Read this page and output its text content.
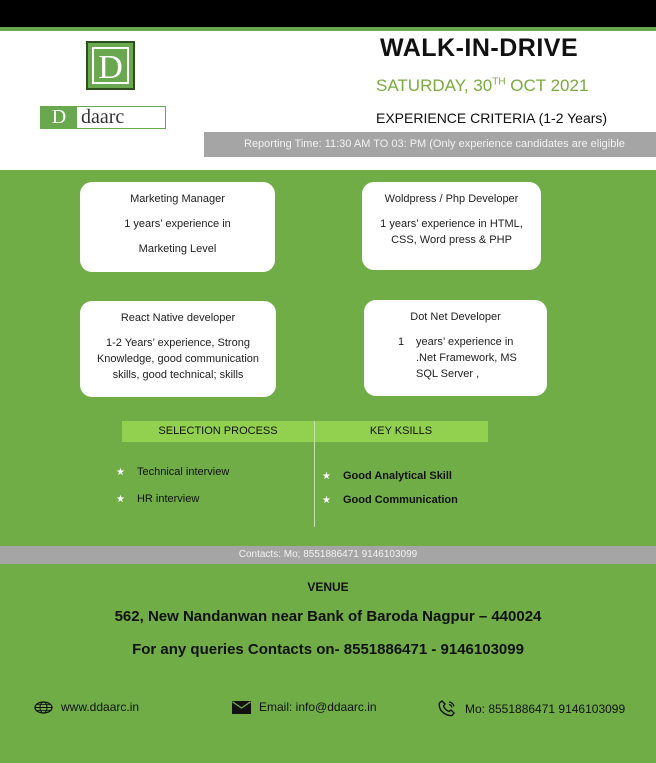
D
D daarc
WALK-IN-DRIVE
SATURDAY, 30TH OCT 2021
EXPERIENCE CRITERIA (1-2 Years)
Reporting Time: 11:30 AM TO 03: PM (Only experience candidates are eligible
Marketing Manager
1 years’ experience in
Marketing Level
Woldpress / Php Developer
1 years’ experience in HTML,
CSS, Word press & PHP
React Native developer
1-2 Years’ experience, Strong
Knowledge, good communication
skills, good technical; skills
Dot Net Developer
1 years’ experience in
.Net Framework, MS
SQL Server ,
SELECTION PROCESS	KEY KSILLS
★ Technical interview
★ HR interview
★ Good Analytical Skill
★ Good Communication
Contacts: Mo; 8551886471 9146103099
VENUE
562, New Nandanwan near Bank of Baroda Nagpur – 440024
For any queries Contacts on- 8551886471 - 9146103099
www.ddaarc.in	Email: info@ddaarc.in	Mo: 8551886471 9146103099
